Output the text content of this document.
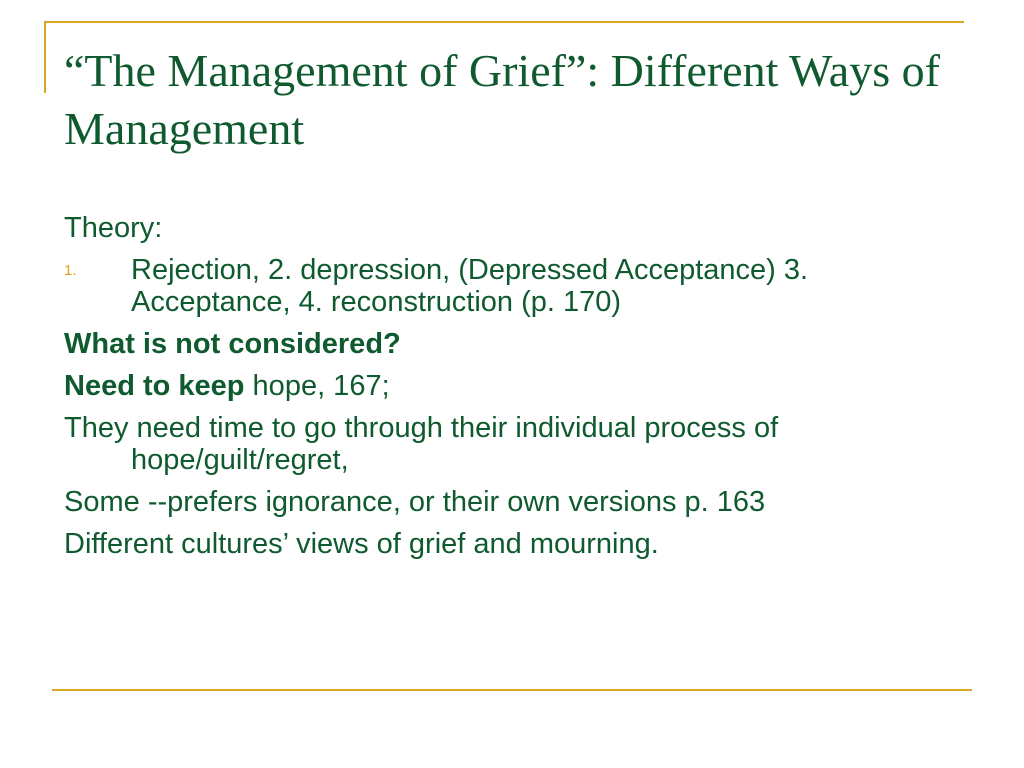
“The Management of Grief”: Different Ways of Management

Theory:

1. Rejection, 2. depression, (Depressed Acceptance) 3. Acceptance, 4. reconstruction (p. 170)

What is not considered?

Need to keep hope, 167;

They need time to go through their individual process of hope/guilt/regret,

Some --prefers ignorance, or their own versions p. 163

Different cultures’ views of grief and mourning.
